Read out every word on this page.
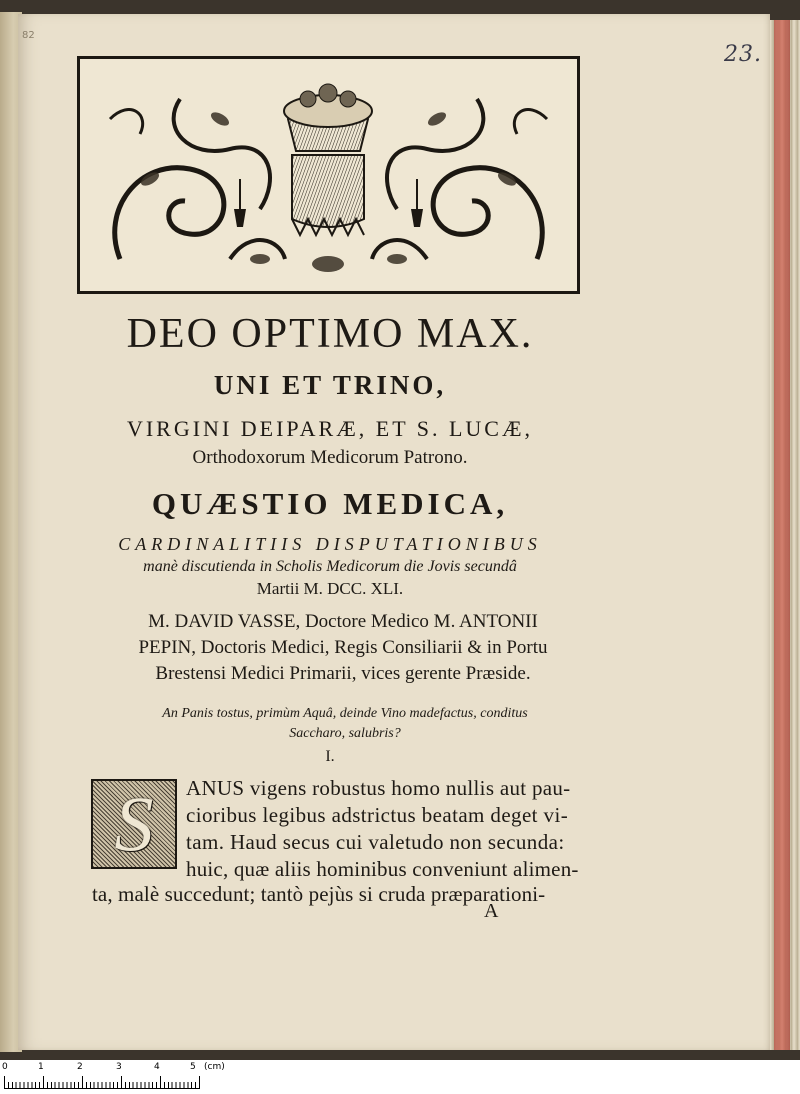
82
23.
DEO OPTIMO MAX.
UNI ET TRINO,
VIRGINI DEIPARÆ, ET S. LUCÆ,
Orthodoxorum Medicorum Patrono.
QUÆSTIO MEDICA,
CARDINALITIIS DISPUTATIONIBUS
manè discutienda in Scholis Medicorum die Jovis secundâ
Martii M. DCC. XLI.
M. DAVID VASSE, Doctore Medico M. ANTONII
PEPIN, Doctoris Medici, Regis Consiliarii & in Portu
Brestensi Medici Primarii, vices gerente Præside.
An Panis tostus, primùm Aquâ, deinde Vino madefactus, conditus
Saccharo, salubris?
I.
S	ANUS vigens robustus homo nullis aut pau-
cioribus legibus adstrictus beatam deget vi-
tam. Haud secus cui valetudo non secunda:
huic, quæ aliis hominibus conveniunt alimen-
ta, malè succedunt; tantò pejùs si cruda præparationi-
A
0	1	2	3	4	5 (cm)
